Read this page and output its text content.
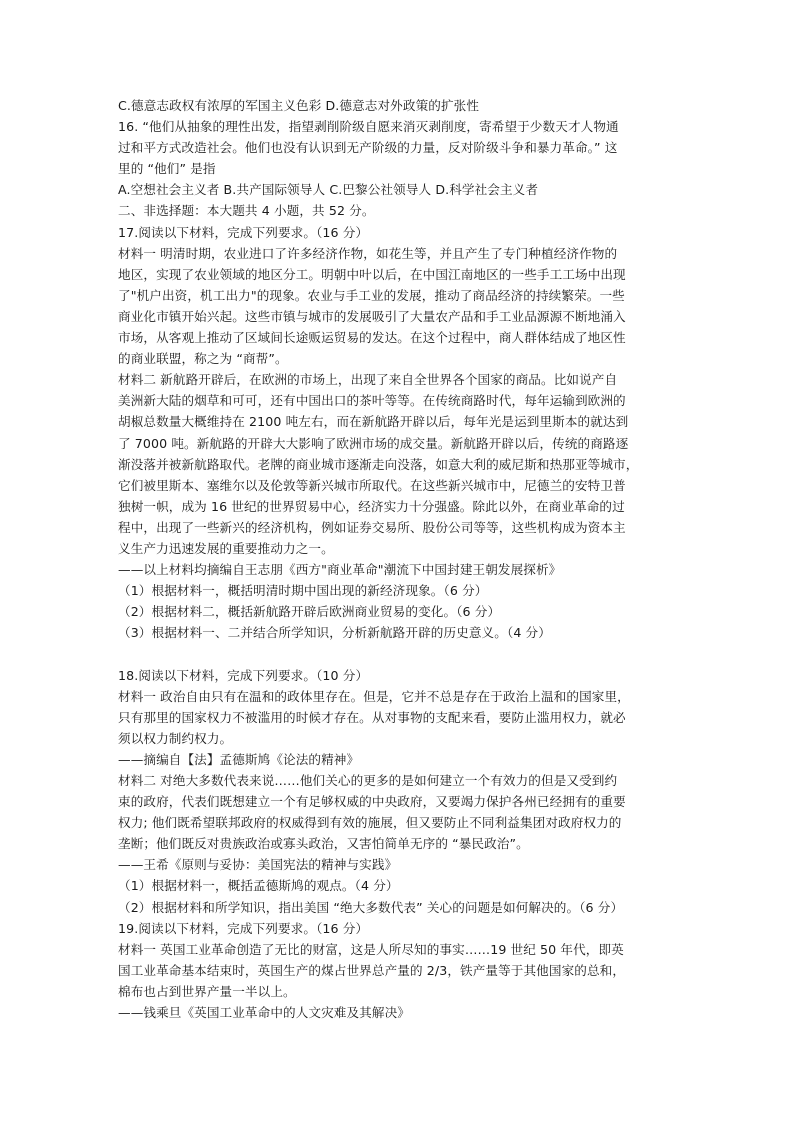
C.德意志政权有浓厚的军国主义色彩 D.德意志对外政策的扩张性
16. “他们从抽象的理性出发，指望剥削阶级自愿来消灭剥削度，寄希望于少数天才人物通
过和平方式改造社会。他们也没有认识到无产阶级的力量，反对阶级斗争和暴力革命。” 这
里的 “他们” 是指
A.空想社会主义者 B.共产国际领导人 C.巴黎公社领导人 D.科学社会主义者
二、非选择题：本大题共 4 小题，共 52 分。
17.阅读以下材料，完成下列要求。（16 分）
材料一 明清时期，农业进口了许多经济作物，如花生等，并且产生了专门种植经济作物的
地区，实现了农业领域的地区分工。明朝中叶以后，在中国江南地区的一些手工工场中出现
了"机户出资，机工出力"的现象。农业与手工业的发展，推动了商品经济的持续繁荣。一些
商业化市镇开始兴起。这些市镇与城市的发展吸引了大量农产品和手工业品源源不断地涌入
市场，从客观上推动了区域间长途贩运贸易的发达。在这个过程中，商人群体结成了地区性
的商业联盟，称之为 “商帮”。
材料二 新航路开辟后，在欧洲的市场上，出现了来自全世界各个国家的商品。比如说产自
美洲新大陆的烟草和可可，还有中国出口的茶叶等等。在传统商路时代，每年运输到欧洲的
胡椒总数量大概维持在 2100 吨左右，而在新航路开辟以后，每年光是运到里斯本的就达到
了 7000 吨。新航路的开辟大大影响了欧洲市场的成交量。新航路开辟以后，传统的商路逐
渐没落并被新航路取代。老牌的商业城市逐渐走向没落，如意大利的威尼斯和热那亚等城市，
它们被里斯本、塞维尔以及伦敦等新兴城市所取代。在这些新兴城市中，尼德兰的安特卫普
独树一帜，成为 16 世纪的世界贸易中心，经济实力十分强盛。除此以外，在商业革命的过
程中，出现了一些新兴的经济机构，例如证券交易所、股份公司等等，这些机构成为资本主
义生产力迅速发展的重要推动力之一。
——以上材料均摘编自王志朋《西方"商业革命"潮流下中国封建王朝发展探析》
（1）根据材料一，概括明清时期中国出现的新经济现象。（6 分）
（2）根据材料二，概括新航路开辟后欧洲商业贸易的变化。（6 分）
（3）根据材料一、二并结合所学知识，分析新航路开辟的历史意义。（4 分）
18.阅读以下材料，完成下列要求。（10 分）
材料一 政治自由只有在温和的政体里存在。但是，它并不总是存在于政治上温和的国家里，
只有那里的国家权力不被滥用的时候才存在。从对事物的支配来看，要防止滥用权力，就必
须以权力制约权力。
——摘编自【法】孟德斯鸠《论法的精神》
材料二 对绝大多数代表来说……他们关心的更多的是如何建立一个有效力的但是又受到约
束的政府，代表们既想建立一个有足够权威的中央政府，又要竭力保护各州已经拥有的重要
权力; 他们既希望联邦政府的权威得到有效的施展，但又要防止不同利益集团对政府权力的
垄断；他们既反对贵族政治或寡头政治，又害怕简单无序的 “暴民政治”。
——王希《原则与妥协：美国宪法的精神与实践》
（1）根据材料一，概括孟德斯鸠的观点。（4 分）
（2）根据材料和所学知识，指出美国 “绝大多数代表” 关心的问题是如何解决的。（6 分）
19.阅读以下材料，完成下列要求。（16 分）
材料一 英国工业革命创造了无比的财富，这是人所尽知的事实……19 世纪 50 年代，即英
国工业革命基本结束时，英国生产的煤占世界总产量的 2/3，铁产量等于其他国家的总和，
棉布也占到世界产量一半以上。
——钱乘旦《英国工业革命中的人文灾难及其解决》
